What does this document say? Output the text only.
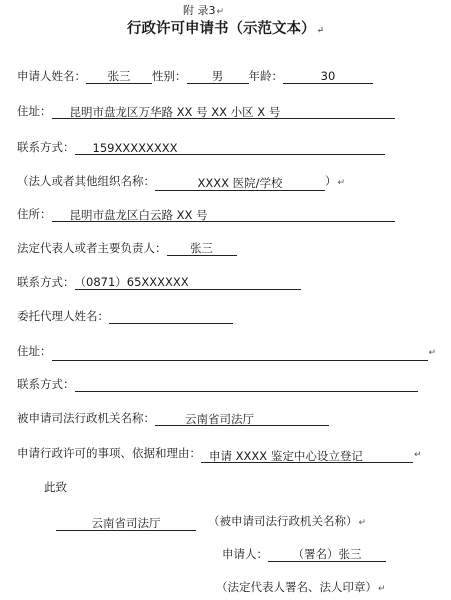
附 录3↵
行政许可申请书（示范文本）↵
申请人姓名： 张三 性别： 男 年龄：	30
住址： 昆明市盘龙区万华路 XX 号 XX 小区 X 号
联系方式： 159XXXXXXXX
（法人或者其他组织名称：	XXXX 医院/学校	）↵
住所： 昆明市盘龙区白云路 XX 号
法定代表人或者主要负责人： 张三
联系方式：（0871）65XXXXXX
委托代理人姓名：
住址：	↵
联系方式：
被申请司法行政机关名称：	云南省司法厅
申请行政许可的事项、依据和理由： 申请 XXXX 鉴定中心设立登记	↵
此致
云南省司法厅	（被申请司法行政机关名称）↵
申请人： （署名）张三
（法定代表人署名、法人印章）↵
